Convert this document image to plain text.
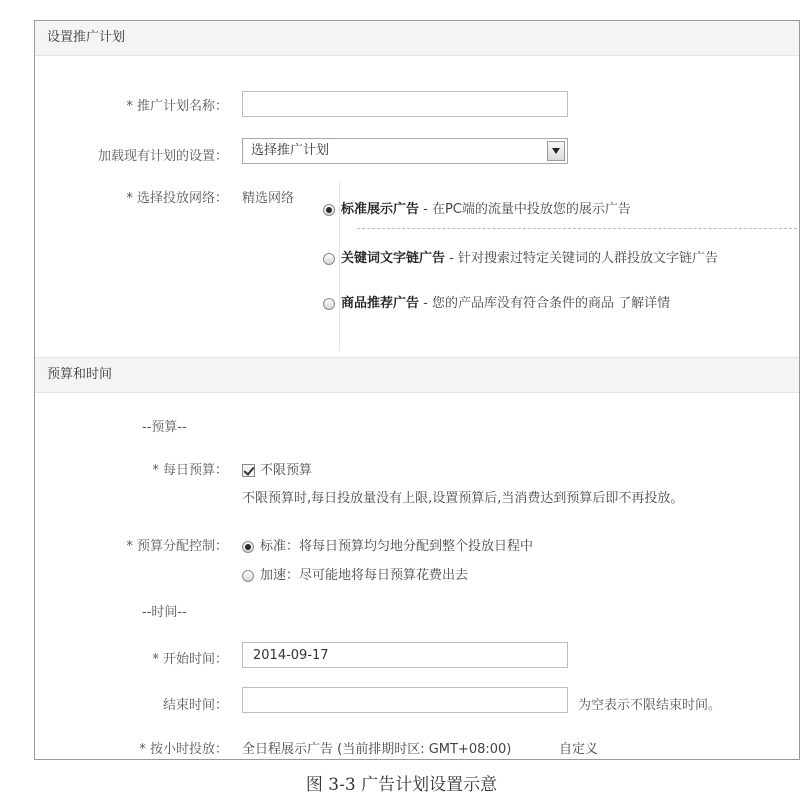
设置推广计划
* 推广计划名称：
加载现有计划的设置：	选择推广计划
* 选择投放网络： 精选网络
标准展示广告 - 在PC端的流量中投放您的展示广告
关键词文字链广告 - 针对搜索过特定关键词的人群投放文字链广告
商品推荐广告 - 您的产品库没有符合条件的商品 了解详情
预算和时间
--预算--
* 每日预算：	不限预算
不限预算时,每日投放量没有上限,设置预算后,当消费达到预算后即不再投放。
* 预算分配控制：	标准：将每日预算均匀地分配到整个投放日程中
加速：尽可能地将每日预算花费出去
--时间--
* 开始时间：
2014-09-17
结束时间：	为空表示不限结束时间。
* 按小时投放： 全日程展示广告 (当前排期时区: GMT+08:00)	自定义
图 3-3 广告计划设置示意
